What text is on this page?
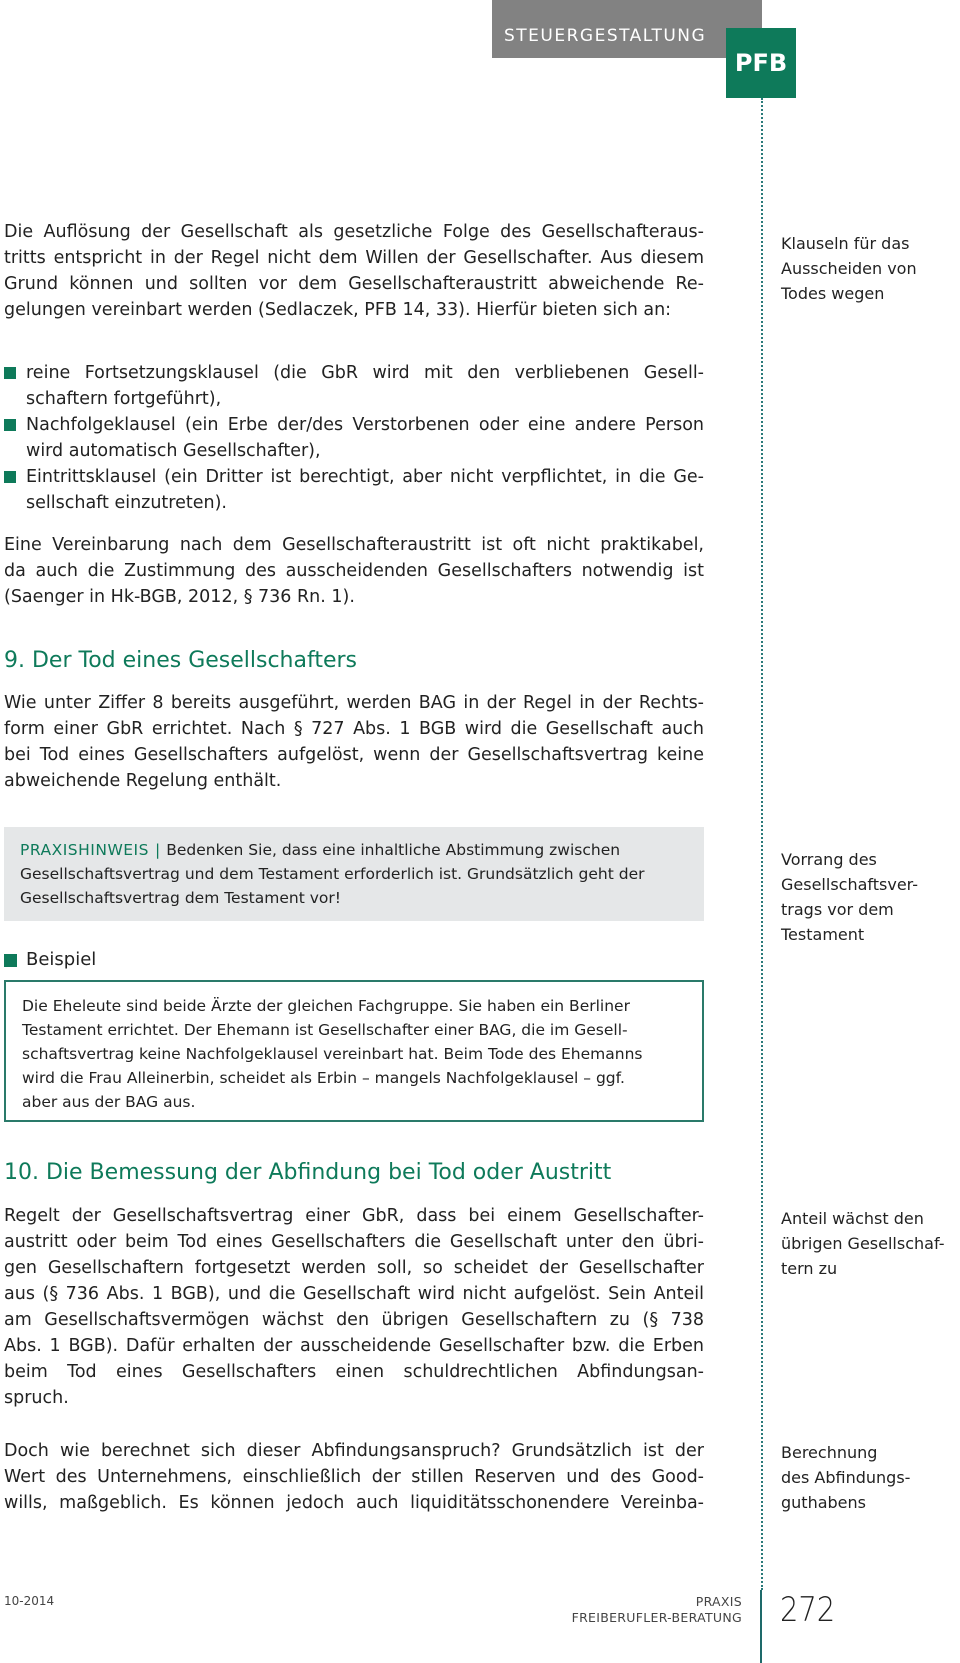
STEUERGESTALTUNG
PFB
Die Auflösung der Gesellschaft als gesetzliche Folge des Gesellschafteraus-
tritts entspricht in der Regel nicht dem Willen der Gesellschafter. Aus diesem
Grund können und sollten vor dem Gesellschafteraustritt abweichende Re-
gelungen vereinbart werden (Sedlaczek, PFB 14, 33). Hierfür bieten sich an:
Klauseln für das
Ausscheiden von
Todes wegen
reine Fortsetzungsklausel (die GbR wird mit den verbliebenen Gesell-
schaftern fortgeführt),
Nachfolgeklausel (ein Erbe der/des Verstorbenen oder eine andere Person
wird automatisch Gesellschafter),
Eintrittsklausel (ein Dritter ist berechtigt, aber nicht verpflichtet, in die Ge-
sellschaft einzutreten).
Eine Vereinbarung nach dem Gesellschafteraustritt ist oft nicht praktikabel,
da auch die Zustimmung des ausscheidenden Gesellschafters notwendig ist
(Saenger in Hk-BGB, 2012, § 736 Rn. 1).
9. Der Tod eines Gesellschafters
Wie unter Ziffer 8 bereits ausgeführt, werden BAG in der Regel in der Rechts-
form einer GbR errichtet. Nach § 727 Abs. 1 BGB wird die Gesellschaft auch
bei Tod eines Gesellschafters aufgelöst, wenn der Gesellschaftsvertrag keine
abweichende Regelung enthält.
PRAXISHINWEIS | Bedenken Sie, dass eine inhaltliche Abstimmung zwischen
Gesellschaftsvertrag und dem Testament erforderlich ist. Grundsätzlich geht der
Gesellschaftsvertrag dem Testament vor!
Vorrang des
Gesellschaftsver-
trags vor dem
Testament
Beispiel
Die Eheleute sind beide Ärzte der gleichen Fachgruppe. Sie haben ein Berliner
Testament errichtet. Der Ehemann ist Gesellschafter einer BAG, die im Gesell-
schaftsvertrag keine Nachfolgeklausel vereinbart hat. Beim Tode des Ehemanns
wird die Frau Alleinerbin, scheidet als Erbin – mangels Nachfolgeklausel – ggf.
aber aus der BAG aus.
10. Die Bemessung der Abfindung bei Tod oder Austritt
Regelt der Gesellschaftsvertrag einer GbR, dass bei einem Gesellschafter-
austritt oder beim Tod eines Gesellschafters die Gesellschaft unter den übri-
gen Gesellschaftern fortgesetzt werden soll, so scheidet der Gesellschafter
aus (§ 736 Abs. 1 BGB), und die Gesellschaft wird nicht aufgelöst. Sein Anteil
am Gesellschaftsvermögen wächst den übrigen Gesellschaftern zu (§ 738
Abs. 1 BGB). Dafür erhalten der ausscheidende Gesellschafter bzw. die Erben
beim Tod eines Gesellschafters einen schuldrechtlichen Abfindungsan-
spruch.
Anteil wächst den
übrigen Gesellschaf-
tern zu
Doch wie berechnet sich dieser Abfindungsanspruch? Grundsätzlich ist der
Wert des Unternehmens, einschließlich der stillen Reserven und des Good-
wills, maßgeblich. Es können jedoch auch liquiditätsschonendere Vereinba-
Berechnung
des Abfindungs-
guthabens
10-2014	PRAXIS
FREIBERUFLER-BERATUNG 272
